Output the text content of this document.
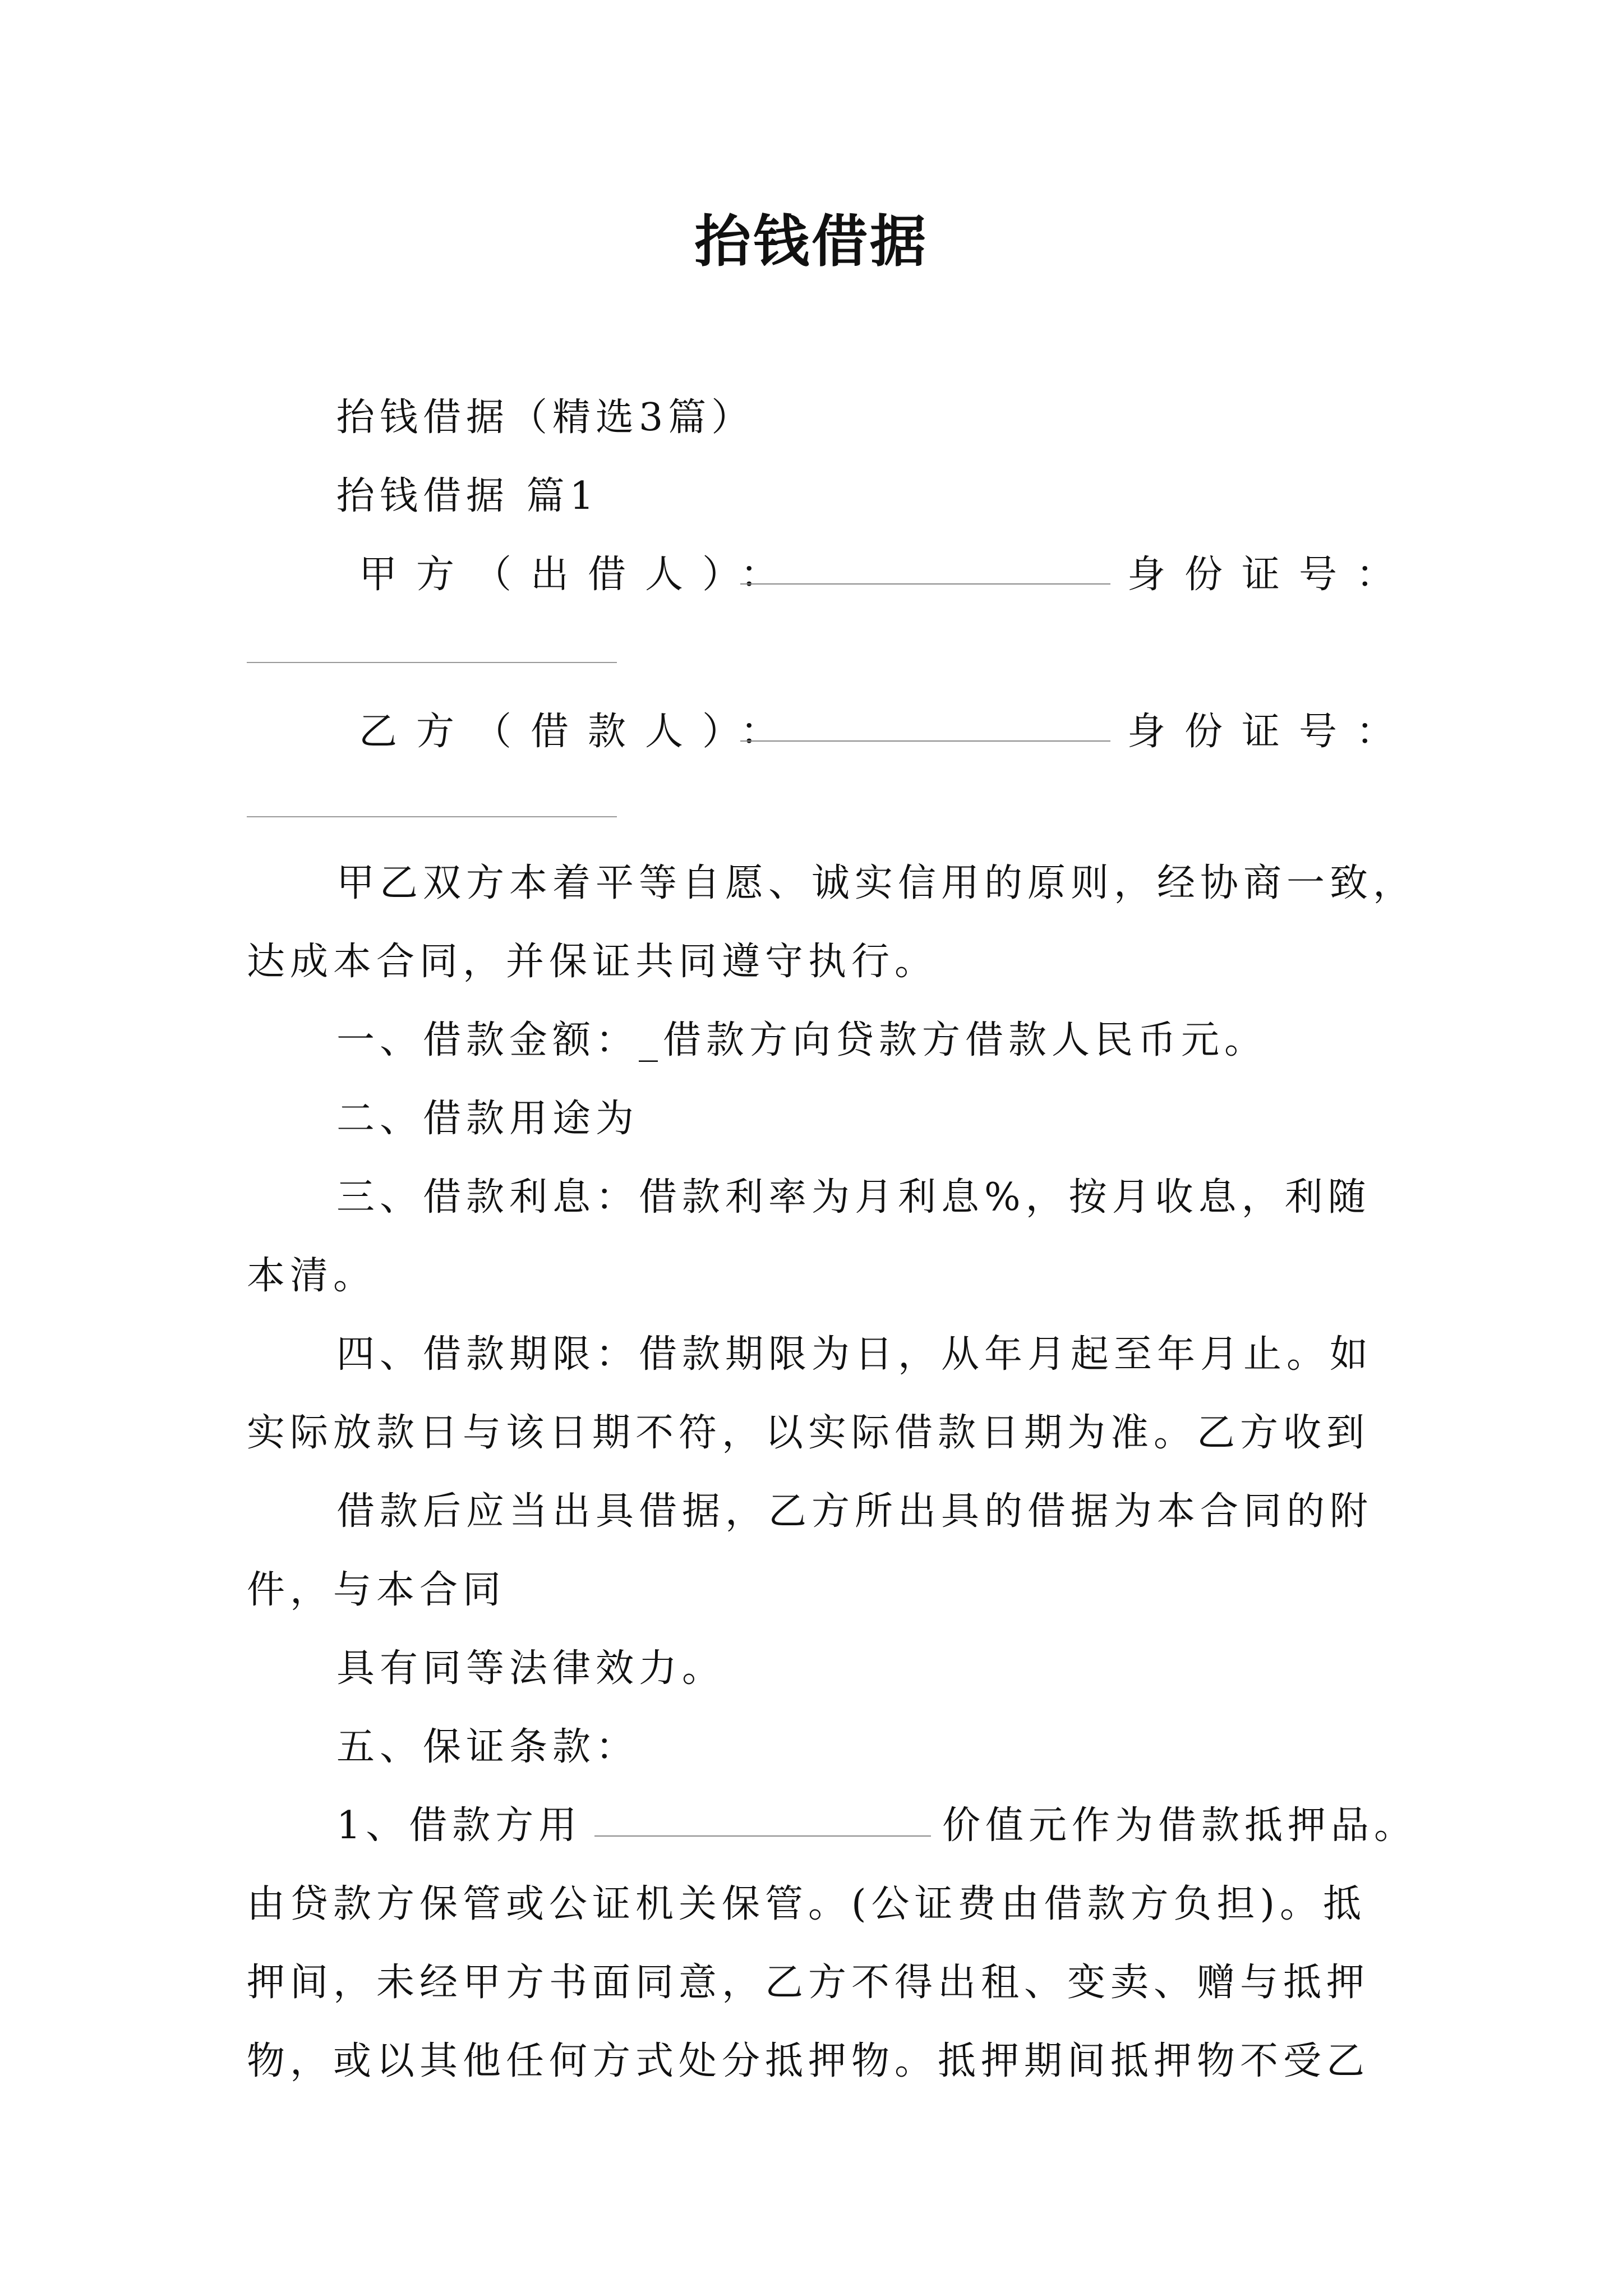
抬钱借据
抬钱借据（精选3篇）
抬钱借据 篇1
甲方（出借人）：	身份证号：
乙方（借款人）：	身份证号：
甲乙双方本着平等自愿、诚实信用的原则，经协商一致，
达成本合同，并保证共同遵守执行。
一、借款金额：_借款方向贷款方借款人民币元。
二、借款用途为
三、借款利息：借款利率为月利息%，按月收息，利随
本清。
四、借款期限：借款期限为日，从年月起至年月止。如
实际放款日与该日期不符，以实际借款日期为准。乙方收到
借款后应当出具借据，乙方所出具的借据为本合同的附
件，与本合同
具有同等法律效力。
五、保证条款：
1、借款方用	价值元作为借款抵押品。
由贷款方保管或公证机关保管。(公证费由借款方负担)。抵
押间，未经甲方书面同意，乙方不得出租、变卖、赠与抵押
物，或以其他任何方式处分抵押物。抵押期间抵押物不受乙
